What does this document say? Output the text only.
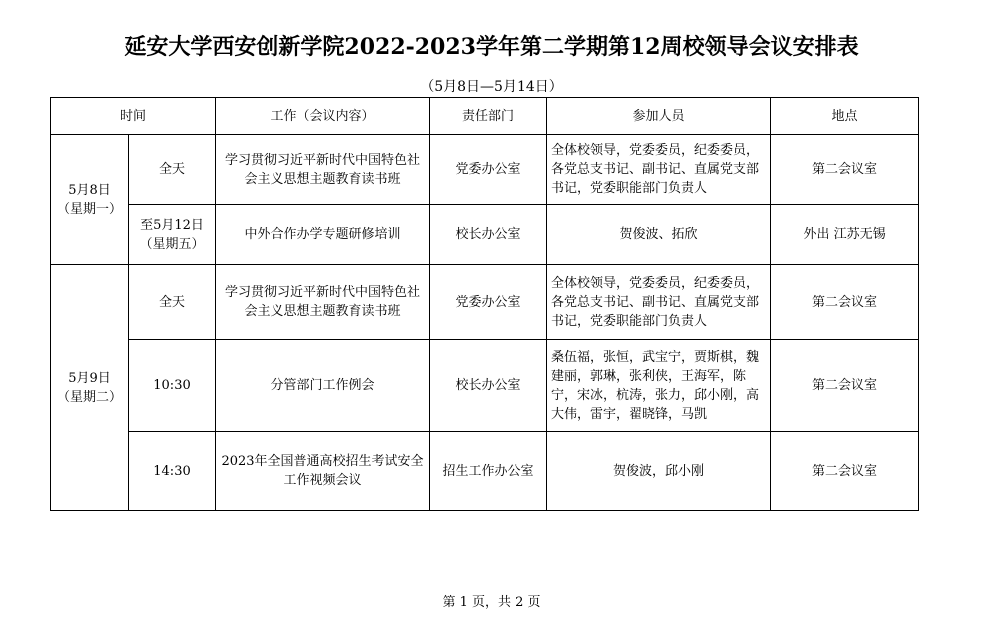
延安大学西安创新学院2022-2023学年第二学期第12周校领导会议安排表
（5月8日—5月14日）
时间		工作（会议内容）	责任部门	参加人员	地点

5月8日
（星期一）	全天	学习贯彻习近平新时代中国特色社会主义思想主题教育读书班	党委办公室	全体校领导，党委委员，纪委委员，各党总支书记、副书记、直属党支部书记，党委职能部门负责人	第二会议室

	至5月12日
（星期五）	中外合作办学专题研修培训	校长办公室	贺俊波、拓欣	外出 江苏无锡

5月9日
（星期二）	全天	学习贯彻习近平新时代中国特色社会主义思想主题教育读书班	党委办公室	全体校领导，党委委员，纪委委员，各党总支书记、副书记、直属党支部书记，党委职能部门负责人	第二会议室

	10:30	分管部门工作例会	校长办公室	桑伍福，张恒，武宝宁，贾斯棋，魏建丽，郭琳，张利侠，王海军，陈宁，宋冰，杭涛，张力，邱小刚，高大伟，雷宇，翟晓锋，马凯	第二会议室

	14:30	2023年全国普通高校招生考试安全工作视频会议	招生工作办公室	贺俊波，邱小刚	第二会议室
第 1 页，共 2 页
